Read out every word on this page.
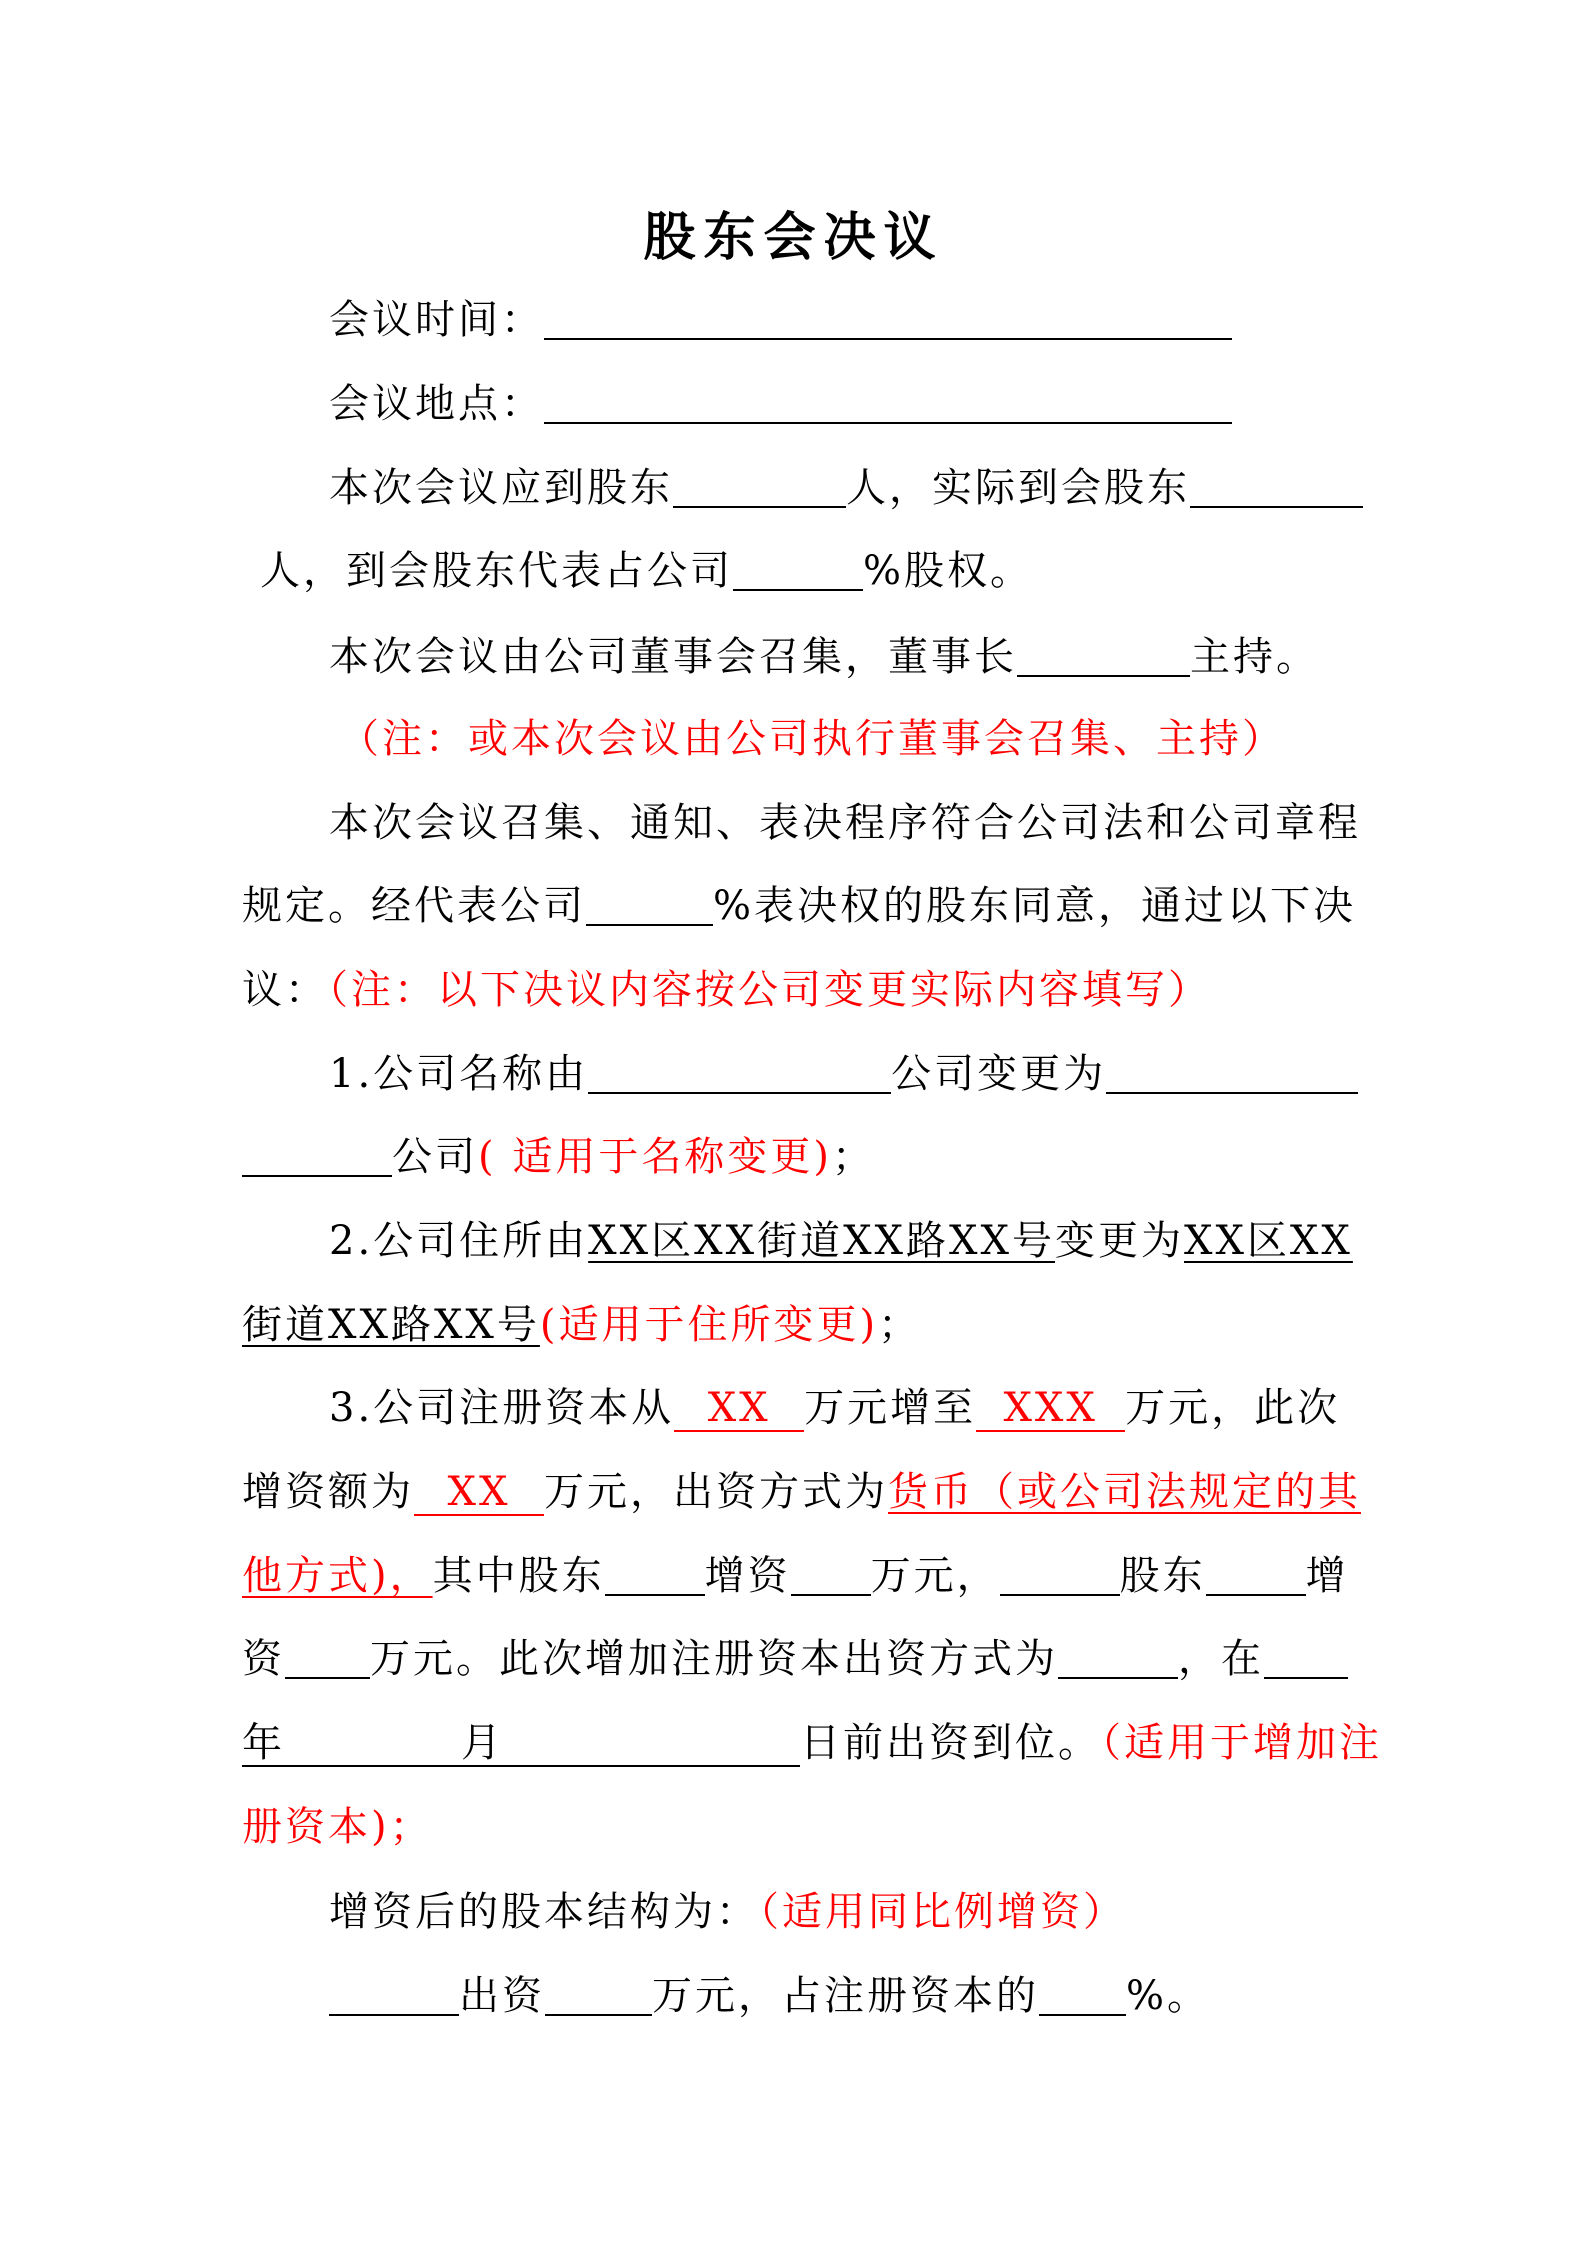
股东会决议
会议时间：
会议地点：
本次会议应到股东	人，实际到会股东
人，到会股东代表占公司	%股权。
本次会议由公司董事会召集，董事长	主持。
（注：或本次会议由公司执行董事会召集、主持）
本次会议召集、通知、表决程序符合公司法和公司章程
规定。经代表公司	%表决权的股东同意，通过以下决
议：（注：以下决议内容按公司变更实际内容填写）
1.公司名称由	公司变更为
公司( 适用于名称变更)；
2.公司住所由XX区XX街道XX路XX号变更为XX区XX
街道XX路XX号(适用于住所变更)；
3.公司注册资本从 XX 万元增至 XXX 万元，此次
增资额为 XX 万元，出资方式为货币（或公司法规定的其
他方式)，其中股东	增资 万元，	股东	增
资 万元。此次增加注册资本出资方式为	，在
年	月	日前出资到位。（适用于增加注
册资本)；
增资后的股本结构为：（适用同比例增资）
出资	万元，占注册资本的 %。
